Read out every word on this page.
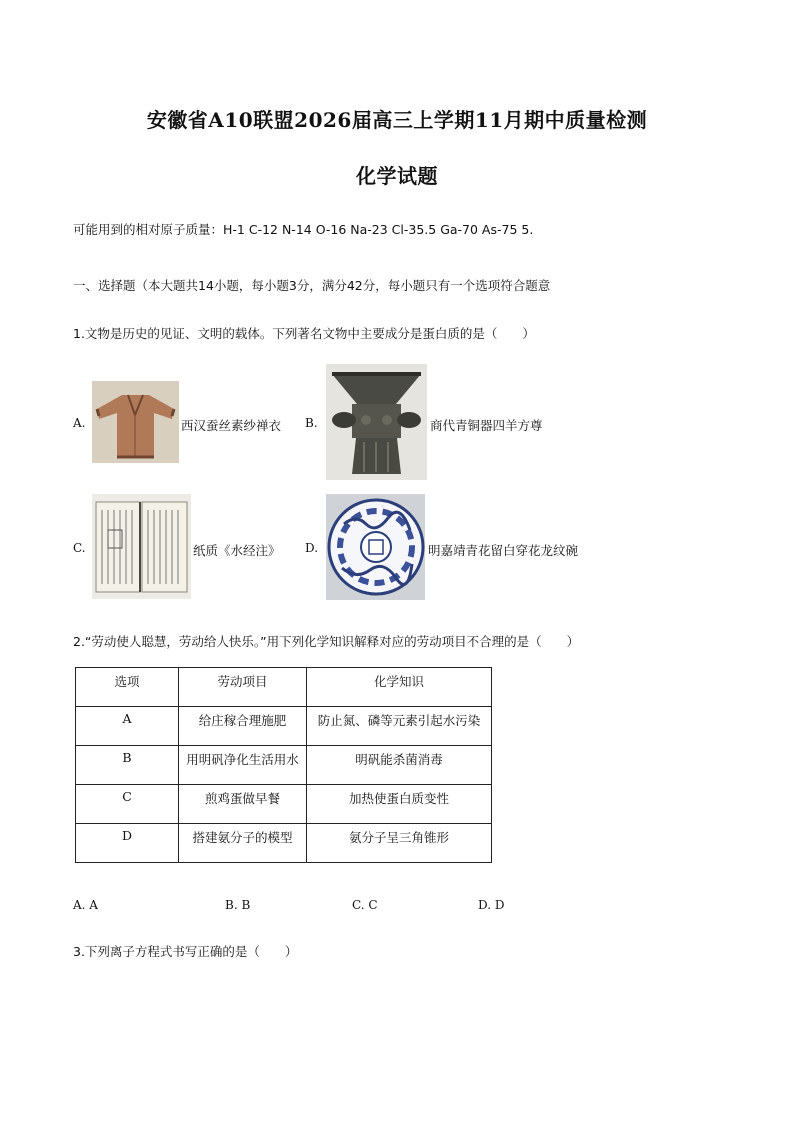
安徽省A10联盟2026届高三上学期11月期中质量检测
化学试题
可能用到的相对原子质量：H-1 C-12 N-14 O-16 Na-23 Cl-35.5 Ga-70 As-75 5.
一、选择题（本大题共14小题，每小题3分，满分42分，每小题只有一个选项符合题意
1.文物是历史的见证、文明的载体。下列著名文物中主要成分是蛋白质的是（　　）
A.	西汉蚕丝素纱禅衣 B.	商代青铜器四羊方尊
C.	纸质《水经注》 D.	明嘉靖青花留白穿花龙纹碗
2.“劳动使人聪慧，劳动给人快乐。”用下列化学知识解释对应的劳动项目不合理的是（　　）
选项	劳动项目	化学知识
A	给庄稼合理施肥	防止氮、磷等元素引起水污染
B	用明矾净化生活用水	明矾能杀菌消毒
C	煎鸡蛋做早餐	加热使蛋白质变性
D	搭建氨分子的模型	氨分子呈三角锥形
A. A	B. B	C. C	D. D
3.下列离子方程式书写正确的是（　　）
